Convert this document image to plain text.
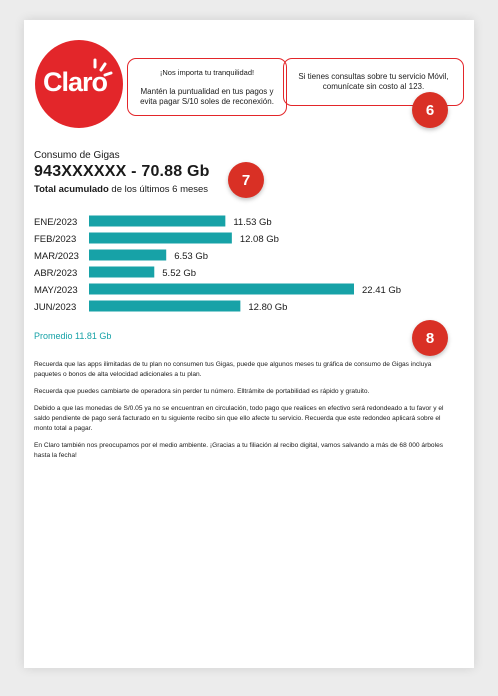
Claro	¡Nos importa tu tranquilidad!
Mantén la puntualidad en tus pagos y evita pagar S/10 soles de reconexión.
Si tienes consultas sobre tu servicio Móvil, comunícate sin costo al 123.
6
Consumo de Gigas
943XXXXXX - 70.88 Gb
Total acumulado de los últimos 6 meses
7
ENE/2023	11.53 Gb
FEB/2023	12.08 Gb
MAR/2023	6.53 Gb
ABR/2023	5.52 Gb
MAY/2023	22.41 Gb
JUN/2023	12.80 Gb
Promedio 11.81 Gb	8

Recuerda que las apps ilimitadas de tu plan no consumen tus Gigas, puede que algunos meses tu gráfica de consumo de Gigas incluya paquetes o bonos de alta velocidad adicionales a tu plan.

Recuerda que puedes cambiarte de operadora sin perder tu número. Elltrámite de portabilidad es rápido y gratuito.

Debido a que las monedas de S/0.05 ya no se encuentran en circulación, todo pago que realices en efectivo será redondeado a tu favor y el saldo pendiente de pago será facturado en tu siguiente recibo sin que ello afecte tu servicio. Recuerda que este redondeo aplicará sobre el monto total a pagar.

En Claro también nos preocupamos por el medio ambiente. ¡Gracias a tu filiación al recibo digital, vamos salvando a más de 68 000 árboles hasta la fecha!
